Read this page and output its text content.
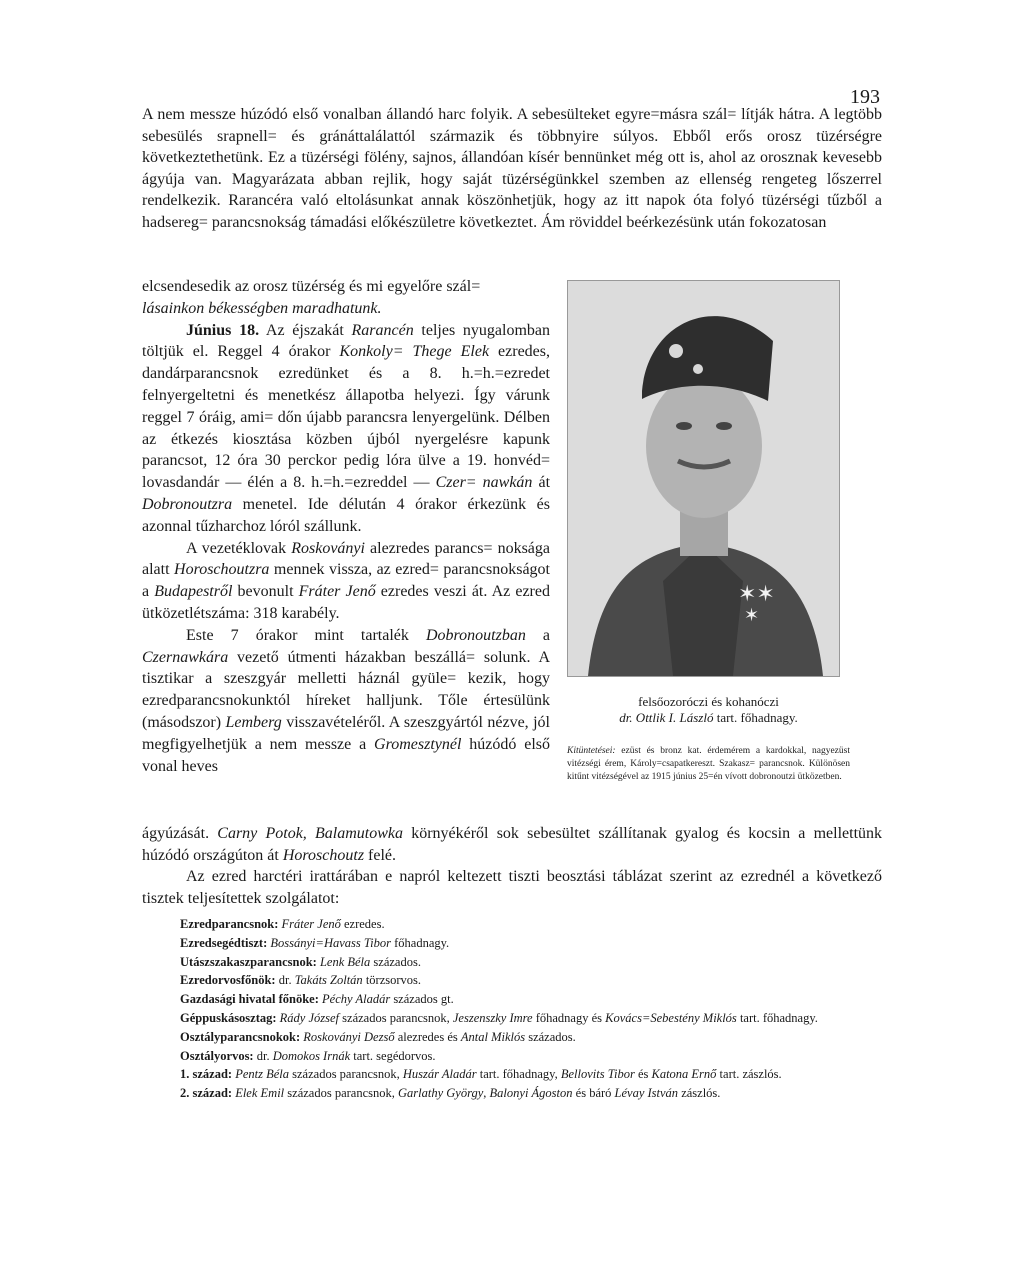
193

A nem messze húzódó első vonalban állandó harc folyik. A sebesülteket egyre=másra szál= lítják hátra. A legtöbb sebesülés srapnell= és gránáttalálattól származik és többnyire súlyos. Ebből erős orosz tüzérségre következtethetünk. Ez a tüzérségi fölény, sajnos, állandóan kísér bennünket még ott is, ahol az orosznak kevesebb ágyúja van. Magyarázata abban rejlik, hogy saját tüzérségünkkel szemben az ellenség rengeteg lőszerrel rendelkezik. Rarancéra való eltolásunkat annak köszönhetjük, hogy az itt napok óta folyó tüzérségi tűzből a hadsereg= parancsnokság támadási előkészületre következtet. Ám röviddel beérkezésünk után fokozatosan

elcsendesedik az orosz tüzérség és mi egyelőre szál=

lásainkon békességben maradhatunk.

Június 18. Az éjszakát Rarancén teljes nyugalomban töltjük el. Reggel 4 órakor Konkoly= Thege Elek ezredes, dandárparancsnok ezredünket és a 8. h.=h.=ezredet felnyergeltetni és menetkész állapotba helyezi. Így várunk reggel 7 óráig, ami= dőn újabb parancsra lenyergelünk. Délben az étkezés kiosztása közben újból nyergelésre kapunk parancsot, 12 óra 30 perckor pedig lóra ülve a 19. honvéd= lovasdandár — élén a 8. h.=h.=ezreddel — Czer= nawkán át Dobronoutzra menetel. Ide délután 4 órakor érkezünk és azonnal tűzharchoz lóról szállunk.

A vezetéklovak Roskoványi alezredes parancs= noksága alatt Horoschoutzra mennek vissza, az ezred= parancsnokságot a Budapestről bevonult Fráter Jenő ezredes veszi át. Az ezred ütközetlétszáma: 318 karabély.

Este 7 órakor mint tartalék Dobronoutzban a Czernawkára vezető útmenti házakban beszállá= solunk. A tisztikar a szeszgyár melletti háznál gyüle= kezik, hogy ezredparancsnokunktól híreket halljunk. Tőle értesülünk (másodszor) Lemberg visszavételéről. A szeszgyártól nézve, jól megfigyelhetjük a nem messze a Gromesztynél húzódó első vonal heves

✶✶
✶
felsőozoróczi és kohanóczi
dr. Ottlik I. László tart. főhadnagy.
Kitüntetései: ezüst és bronz kat. érdemérem a kardokkal, nagyezüst vitézségi érem, Károly=csapatkereszt. Szakasz= parancsnok. Különösen kitűnt vitézségével az 1915 június 25=én vívott dobronoutzi ütközetben.

ágyúzását. Carny Potok, Balamutowka környékéről sok sebesültet szállítanak gyalog és kocsin a mellettünk húzódó országúton át Horoschoutz felé.

Az ezred harctéri irattárában e napról keltezett tiszti beosztási táblázat szerint az ezrednél a következő tisztek teljesítettek szolgálatot:

Ezredparancsnok: Fráter Jenő ezredes.

Ezredsegédtiszt: Bossányi=Havass Tibor főhadnagy.

Utászszakaszparancsnok: Lenk Béla százados.

Ezredorvosfőnök: dr. Takáts Zoltán törzsorvos.

Gazdasági hivatal főnöke: Péchy Aladár százados gt.

Géppuskásosztag: Rády József százados parancsnok, Jeszenszky Imre főhadnagy és Kovács=Sebestény Miklós tart. főhadnagy.

Osztályparancsnokok: Roskoványi Dezső alezredes és Antal Miklós százados.

Osztályorvos: dr. Domokos Irnák tart. segédorvos.

1. század: Pentz Béla százados parancsnok, Huszár Aladár tart. főhadnagy, Bellovits Tibor és Katona Ernő tart. zászlós.

2. század: Elek Emil százados parancsnok, Garlathy György, Balonyi Ágoston és báró Lévay István zászlós.
